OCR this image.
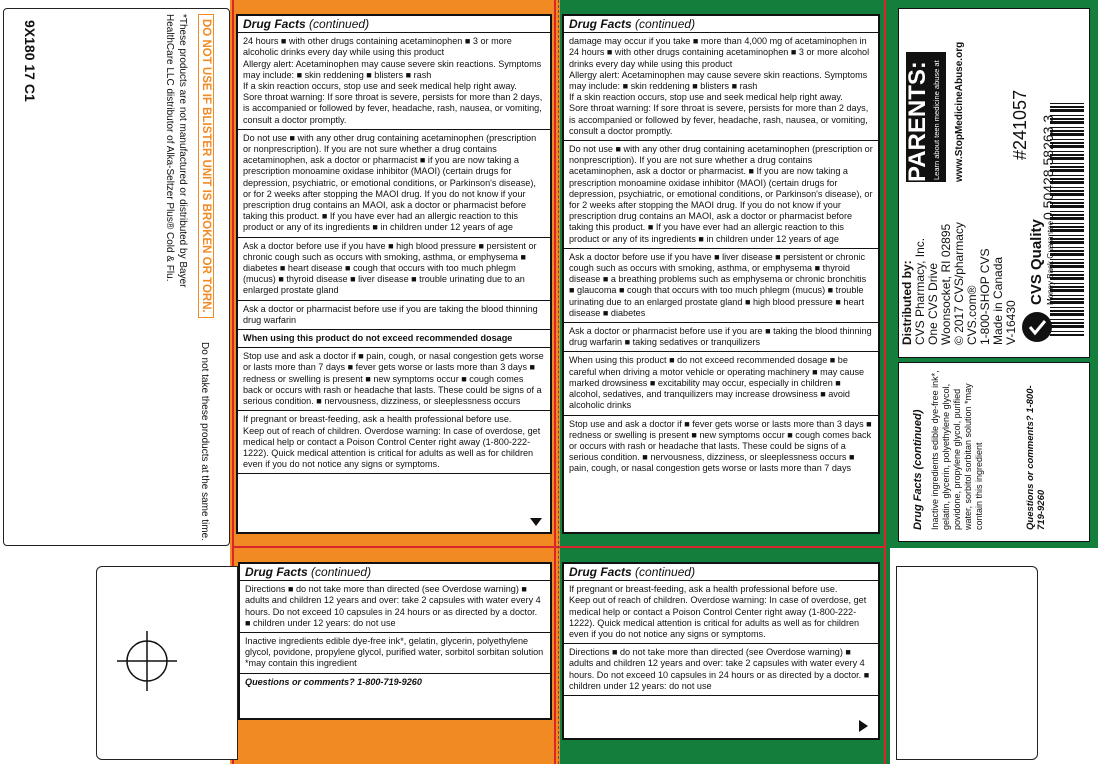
9X180 17 C1	DO NOT USE IF BLISTER UNIT IS BROKEN OR TORN.
*These products are not manufactured or distributed by Bayer
HealthCare LLC distributor of Alka-Seltzer Plus® Cold & Flu.
Do not take these products at the same time.
Drug Facts (continued)
24 hours ■ with other drugs containing acetaminophen ■ 3 or more alcoholic drinks every day while using this product
Allergy alert: Acetaminophen may cause severe skin reactions. Symptoms may include: ■ skin reddening ■ blisters ■ rash
If a skin reaction occurs, stop use and seek medical help right away.
Sore throat warning: If sore throat is severe, persists for more than 2 days, is accompanied or followed by fever, headache, rash, nausea, or vomiting, consult a doctor promptly.
Do not use ■ with any other drug containing acetaminophen (prescription or nonprescription). If you are not sure whether a drug contains acetaminophen, ask a doctor or pharmacist ■ if you are now taking a prescription monoamine oxidase inhibitor (MAOI) (certain drugs for depression, psychiatric, or emotional conditions, or Parkinson's disease), or for 2 weeks after stopping the MAOI drug. If you do not know if your prescription drug contains an MAOI, ask a doctor or pharmacist before taking this product. ■ If you have ever had an allergic reaction to this product or any of its ingredients ■ in children under 12 years of age
Ask a doctor before use if you have ■ high blood pressure ■ persistent or chronic cough such as occurs with smoking, asthma, or emphysema ■ diabetes ■ heart disease ■ cough that occurs with too much phlegm (mucus) ■ thyroid disease ■ liver disease ■ trouble urinating due to an enlarged prostate gland
Ask a doctor or pharmacist before use if you are taking the blood thinning drug warfarin
When using this product do not exceed recommended dosage
Stop use and ask a doctor if ■ pain, cough, or nasal congestion gets worse or lasts more than 7 days ■ fever gets worse or lasts more than 3 days ■ redness or swelling is present ■ new symptoms occur ■ cough comes back or occurs with rash or headache that lasts. These could be signs of a serious condition. ■ nervousness, dizziness, or sleeplessness occurs
If pregnant or breast-feeding, ask a health professional before use.
Keep out of reach of children. Overdose warning: In case of overdose, get medical help or contact a Poison Control Center right away (1-800-222-1222). Quick medical attention is critical for adults as well as for children even if you do not notice any signs or symptoms.
Drug Facts (continued)
damage may occur if you take ■ more than 4,000 mg of acetaminophen in 24 hours ■ with other drugs containing acetaminophen ■ 3 or more alcohol drinks every day while using this product
Allergy alert: Acetaminophen may cause severe skin reactions. Symptoms may include: ■ skin reddening ■ blisters ■ rash
If a skin reaction occurs, stop use and seek medical help right away.
Sore throat warning: If sore throat is severe, persists for more than 2 days, is accompanied or followed by fever, headache, rash, nausea, or vomiting, consult a doctor promptly.
Do not use ■ with any other drug containing acetaminophen (prescription or nonprescription). If you are not sure whether a drug contains acetaminophen, ask a doctor or pharmacist. ■ If you are now taking a prescription monoamine oxidase inhibitor (MAOI) (certain drugs for depression, psychiatric, or emotional conditions, or Parkinson's disease), or for 2 weeks after stopping the MAOI drug. If you do not know if your prescription drug contains an MAOI, ask a doctor or pharmacist before taking this product. ■ If you have ever had an allergic reaction to this product or any of its ingredients ■ in children under 12 years of age
Ask a doctor before use if you have ■ liver disease ■ persistent or chronic cough such as occurs with smoking, asthma, or emphysema ■ thyroid disease ■ a breathing problems such as emphysema or chronic bronchitis ■ glaucoma ■ cough that occurs with too much phlegm (mucus) ■ trouble urinating due to an enlarged prostate gland ■ high blood pressure ■ heart disease ■ diabetes
Ask a doctor or pharmacist before use if you are ■ taking the blood thinning drug warfarin ■ taking sedatives or tranquilizers
When using this product ■ do not exceed recommended dosage ■ be careful when driving a motor vehicle or operating machinery ■ may cause marked drowsiness ■ excitability may occur, especially in children ■ alcohol, sedatives, and tranquilizers may increase drowsiness ■ avoid alcoholic drinks
Stop use and ask a doctor if ■ fever gets worse or lasts more than 3 days ■ redness or swelling is present ■ new symptoms occur ■ cough comes back or occurs with rash or headache that lasts. These could be signs of a serious condition. ■ nervousness, dizziness, or sleeplessness occurs ■ pain, cough, or nasal congestion gets worse or lasts more than 7 days
Drug Facts (continued)
Directions ■ do not take more than directed (see Overdose warning) ■ adults and children 12 years and over: take 2 capsules with water every 4 hours. Do not exceed 10 capsules in 24 hours or as directed by a doctor. ■ children under 12 years: do not use
Inactive ingredients edible dye-free ink*, gelatin, glycerin, polyethylene glycol, povidone, propylene glycol, purified water, sorbitol sorbitan solution *may contain this ingredient
Questions or comments? 1-800-719-9260
Drug Facts (continued)
If pregnant or breast-feeding, ask a health professional before use.
Keep out of reach of children. Overdose warning: In case of overdose, get medical help or contact a Poison Control Center right away (1-800-222-1222). Quick medical attention is critical for adults as well as for children even if you do not notice any signs or symptoms.
Directions ■ do not take more than directed (see Overdose warning) ■ adults and children 12 years and over: take 2 capsules with water every 4 hours. Do not exceed 10 capsules in 24 hours or as directed by a doctor. ■ children under 12 years: do not use
PARENTS: Learn about teen medicine abuse at www.StopMedicineAbuse.org	#241057 0 50428 58263 3
Distributed by: CVS Pharmacy, Inc. One CVS Drive Woonsocket, RI 02895 © 2017 CVS/pharmacy CVS.com® 1-800-SHOP CVS Made in Canada V-16430
CVS Quality Money Back Guarantee
Drug Facts (continued) Inactive ingredients edible dye-free ink*, gelatin, glycerin, polyethylene glycol, povidone, propylene glycol, purified water, sorbitol sorbitan solution *may contain this ingredient	Questions or comments? 1-800-719-9260 Store at 20-25°C (68-77°F).
